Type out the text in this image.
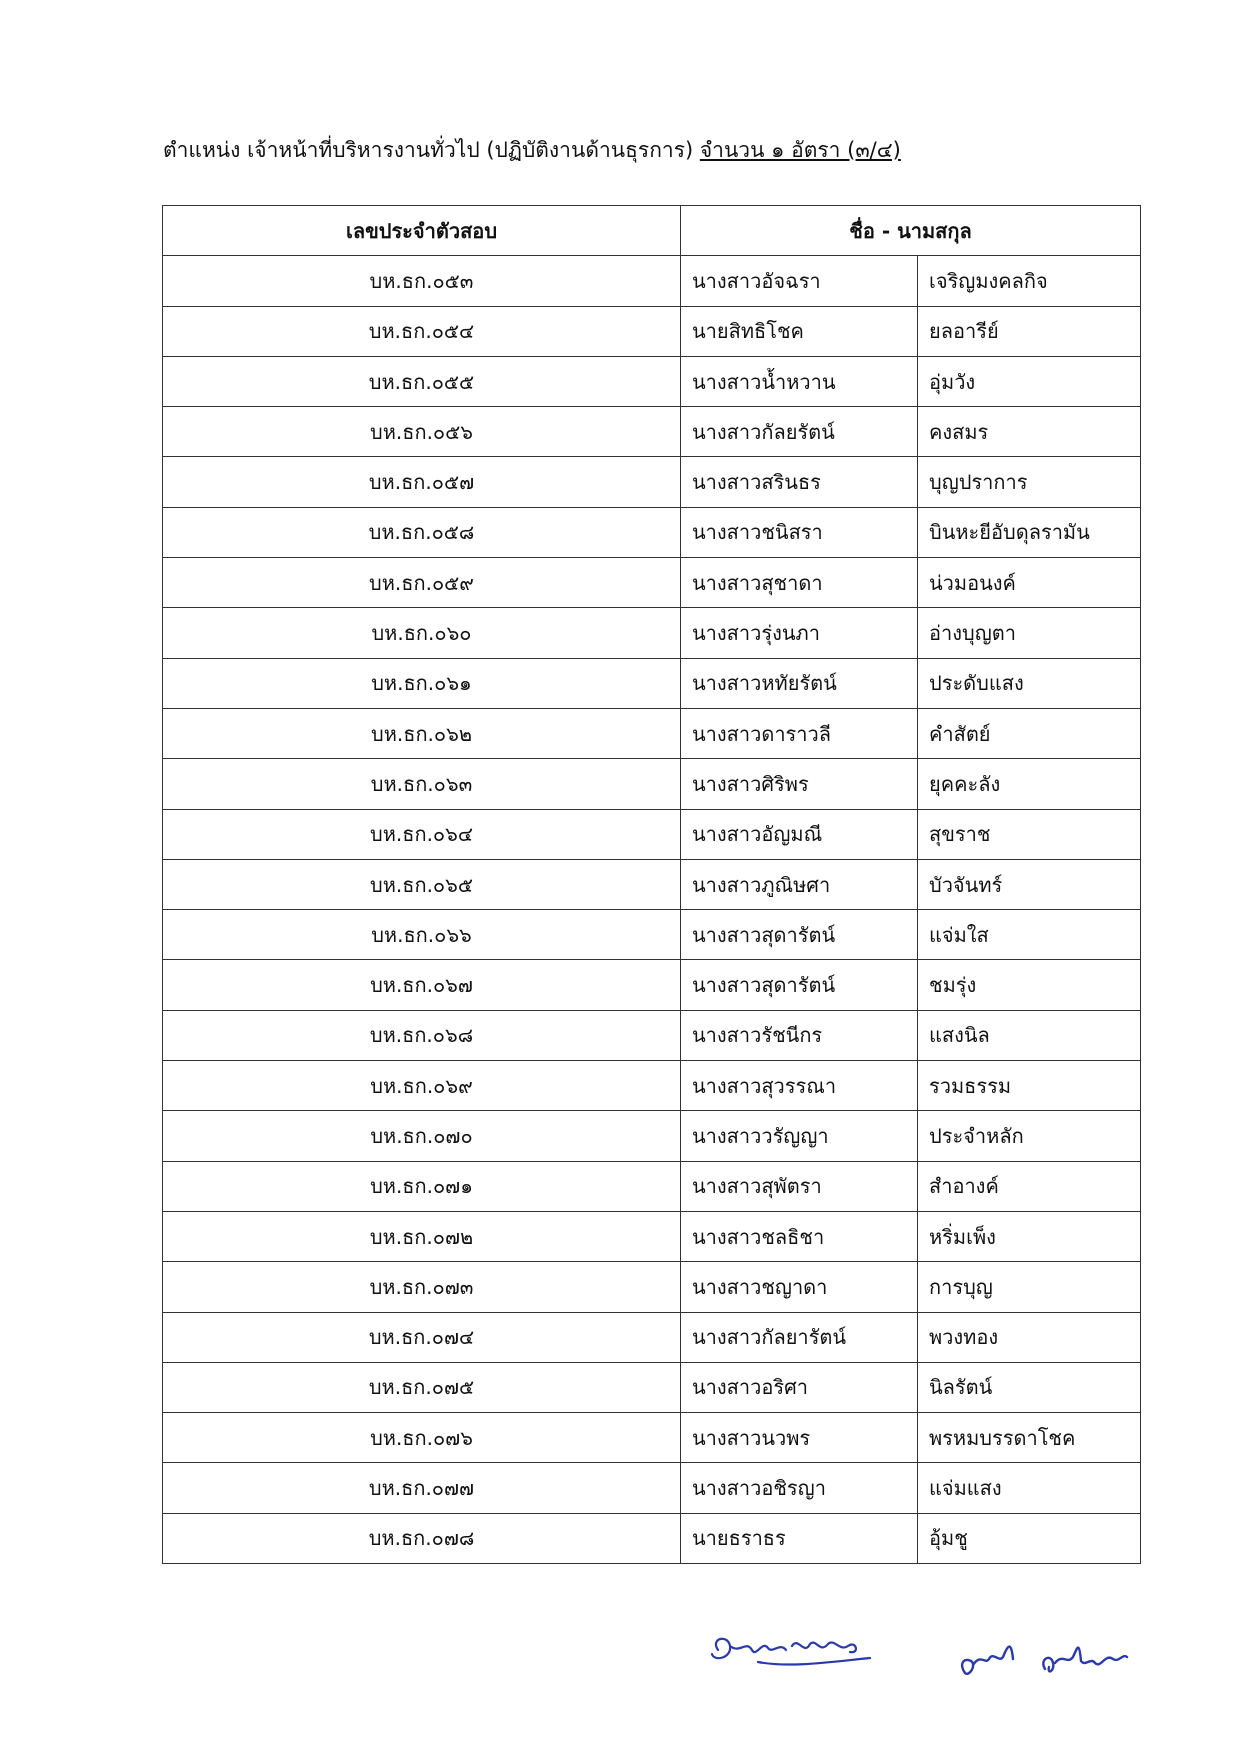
ตำแหน่ง เจ้าหน้าที่บริหารงานทั่วไป (ปฏิบัติงานด้านธุรการ) จำนวน ๑ อัตรา (๓/๔)
เลขประจำตัวสอบ	ชื่อ - นามสกุล	
บห.ธก.๐๕๓	นางสาวอัจฉรา	เจริญมงคลกิจ
บห.ธก.๐๕๔	นายสิทธิโชค	ยลอารีย์
บห.ธก.๐๕๕	นางสาวน้ำหวาน	อุ่มวัง
บห.ธก.๐๕๖	นางสาวกัลยรัตน์	คงสมร
บห.ธก.๐๕๗	นางสาวสรินธร	บุญปราการ
บห.ธก.๐๕๘	นางสาวชนิสรา	บินหะยีอับดุลรามัน
บห.ธก.๐๕๙	นางสาวสุชาดา	น่วมอนงค์
บห.ธก.๐๖๐	นางสาวรุ่งนภา	อ่างบุญตา
บห.ธก.๐๖๑	นางสาวหทัยรัตน์	ประดับแสง
บห.ธก.๐๖๒	นางสาวดาราวลี	คำสัตย์
บห.ธก.๐๖๓	นางสาวศิริพร	ยุคคะลัง
บห.ธก.๐๖๔	นางสาวอัญมณี	สุขราช
บห.ธก.๐๖๕	นางสาวภูณิษศา	บัวจันทร์
บห.ธก.๐๖๖	นางสาวสุดารัตน์	แจ่มใส
บห.ธก.๐๖๗	นางสาวสุดารัตน์	ชมรุ่ง
บห.ธก.๐๖๘	นางสาวรัชนีกร	แสงนิล
บห.ธก.๐๖๙	นางสาวสุวรรณา	รวมธรรม
บห.ธก.๐๗๐	นางสาววรัญญา	ประจำหลัก
บห.ธก.๐๗๑	นางสาวสุพัตรา	สำอางค์
บห.ธก.๐๗๒	นางสาวชลธิชา	หริ่มเพ็ง
บห.ธก.๐๗๓	นางสาวชญาดา	การบุญ
บห.ธก.๐๗๔	นางสาวกัลยารัตน์	พวงทอง
บห.ธก.๐๗๕	นางสาวอริศา	นิลรัตน์
บห.ธก.๐๗๖	นางสาวนวพร	พรหมบรรดาโชค
บห.ธก.๐๗๗	นางสาวอชิรญา	แจ่มแสง
บห.ธก.๐๗๘	นายธราธร	อุ้มชู
